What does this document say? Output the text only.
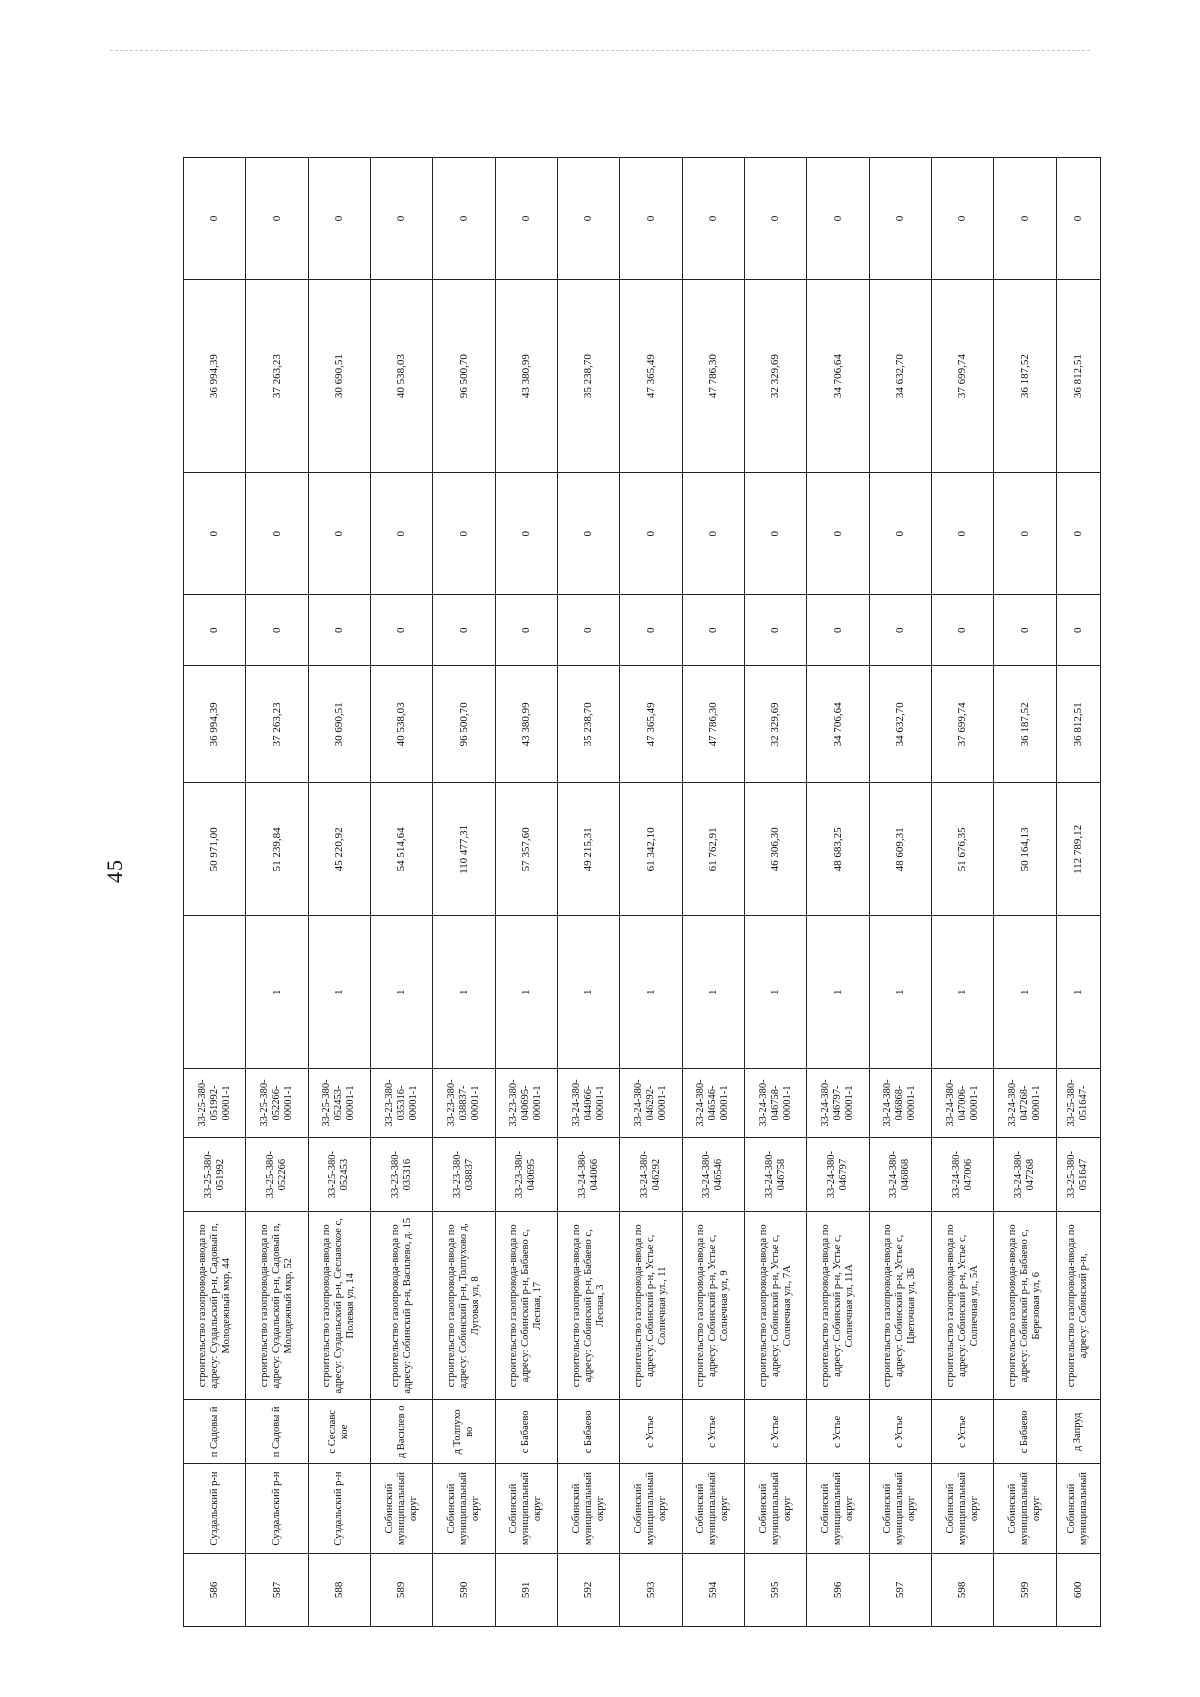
45
586	Суздальский р-н	п Садовы й	строительство газопровода-ввода по адресу: Суздальский р-н, Садовый п, Молодежный мкр, 44	33-25-380-051992	33-25-380-051992-00001-1		50 971,00	36 994,39	0	0	36 994,39	0
587	Суздальский р-н	п Садовы й	строительство газопровода-ввода по адресу: Суздальский р-н, Садовый п, Молодежный мкр, 52	33-25-380-052266	33-25-380-052266-00001-1	1	51 239,84	37 263,23	0	0	37 263,23	0
588	Суздальский р-н	с Сеславс кое	строительство газопровода-ввода по адресу: Суздальский р-н, Сеславское с, Полевая ул, 14	33-25-380-052453	33-25-380-052453-00001-1	1	45 220,92	30 690,51	0	0	30 690,51	0
589	Собинский муниципальный округ	д Василев о	строительство газопровода-ввода по адресу: Собинский р-н, Василево, д. 15	33-23-380-035316	33-23-380-035316-00001-1	1	54 514,64	40 538,03	0	0	40 538,03	0
590	Собинский муниципальный округ	д Толпухо во	строительство газопровода-ввода по адресу: Собинский р-н, Толпухово д, Луговая ул, 8	33-23-380-038837	33-23-380-038837-00001-1	1	110 477,31	96 500,70	0	0	96 500,70	0
591	Собинский муниципальный округ	с Бабаево	строительство газопровода-ввода по адресу: Собинский р-н, Бабаево с, Лесная, 17	33-23-380-040695	33-23-380-040695-00001-1	1	57 357,60	43 380,99	0	0	43 380,99	0
592	Собинский муниципальный округ	с Бабаево	строительство газопровода-ввода по адресу: Собинский р-н, Бабаево с, Лесная, 3	33-24-380-044066	33-24-380-044066-00001-1	1	49 215,31	35 238,70	0	0	35 238,70	0
593	Собинский муниципальный округ	с Устье	строительство газопровода-ввода по адресу: Собинский р-н, Устье с, Солнечная ул., 11	33-24-380-046292	33-24-380-046292-00001-1	1	61 342,10	47 365,49	0	0	47 365,49	0
594	Собинский муниципальный округ	с Устье	строительство газопровода-ввода по адресу: Собинский р-н, Устье с, Солнечная ул, 9	33-24-380-046546	33-24-380-046546-00001-1	1	61 762,91	47 786,30	0	0	47 786,30	0
595	Собинский муниципальный округ	с Устье	строительство газопровода-ввода по адресу: Собинский р-н, Устье с, Солнечная ул., 7А	33-24-380-046758	33-24-380-046758-00001-1	1	46 306,30	32 329,69	0	0	32 329,69	0
596	Собинский муниципальный округ	с Устье	строительство газопровода-ввода по адресу: Собинский р-н, Устье с, Солнечная ул, 11А	33-24-380-046797	33-24-380-046797-00001-1	1	48 683,25	34 706,64	0	0	34 706,64	0
597	Собинский муниципальный округ	с Устье	строительство газопровода-ввода по адресу: Собинский р-н, Устье с, Цветочная ул, 3Б	33-24-380-046868	33-24-380-046868-00001-1	1	48 609,31	34 632,70	0	0	34 632,70	0
598	Собинский муниципальный округ	с Устье	строительство газопровода-ввода по адресу: Собинский р-н, Устье с, Солнечная ул., 5А	33-24-380-047006	33-24-380-047006-00001-1	1	51 676,35	37 699,74	0	0	37 699,74	0
599	Собинский муниципальный округ	с Бабаево	строительство газопровода-ввода по адресу: Собинский р-н, Бабаево с, Березовая ул, 6	33-24-380-047268	33-24-380-047268-00001-1	1	50 164,13	36 187,52	0	0	36 187,52	0
600	Собинский муниципальный	д Запруд	строительство газопровода-ввода по адресу: Собинский р-н,	33-25-380-051647	33-25-380-051647-	1	112 789,12	36 812,51	0	0	36 812,51	0
